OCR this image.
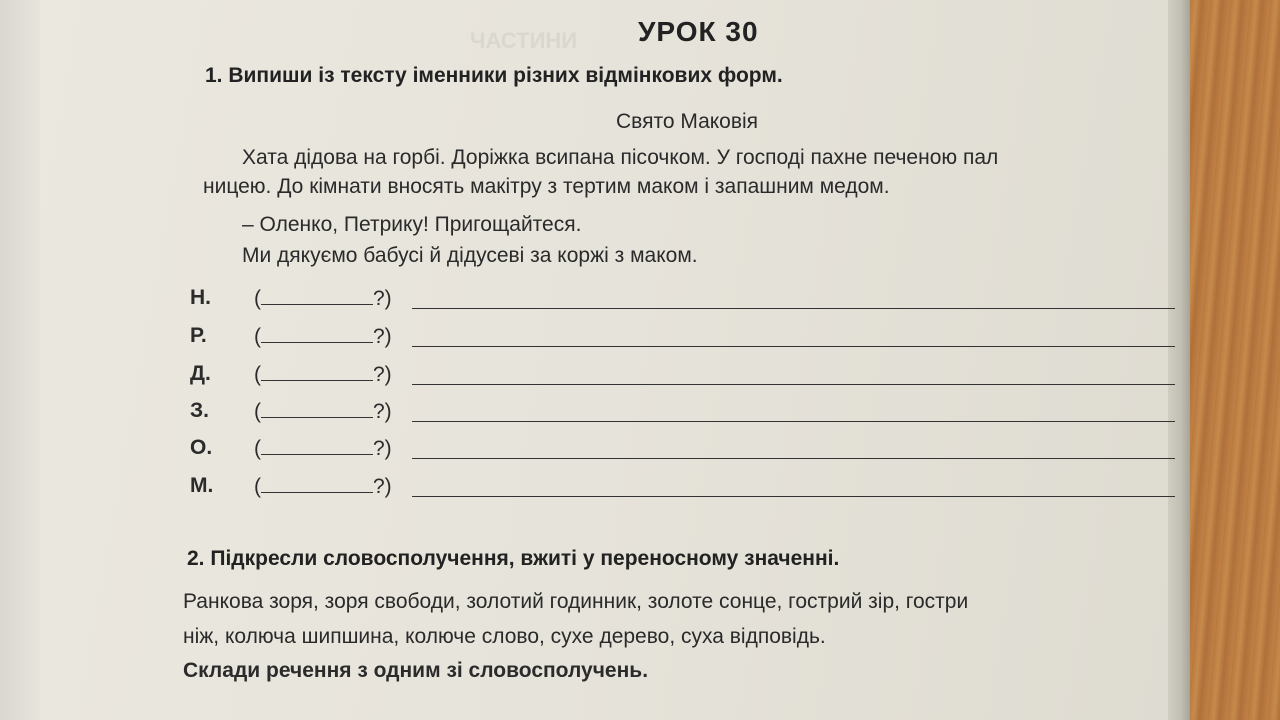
ЧАСТИНИ УРОК 30
1. Випиши із тексту іменники різних відмінкових форм.
Свято Маковія
Хата дідова на горбі. Доріжка всипана пісочком. У господі пахне печеною пал
ницею. До кімнати вносять макітру з тертим маком і запашним медом.
– Оленко, Петрику! Пригощайтеся.
Ми дякуємо бабусі й дідусеві за коржі з маком.
Н.	(	?)
Р.	(	?)
Д.	(	?)
З.	(	?)
О.	(	?)
М.	(	?)
2. Підкресли словосполучення, вжиті у переносному значенні.
Ранкова зоря, зоря свободи, золотий годинник, золоте сонце, гострий зір, гостри
ніж, колюча шипшина, колюче слово, сухе дерево, суха відповідь.
Склади речення з одним зі словосполучень.
